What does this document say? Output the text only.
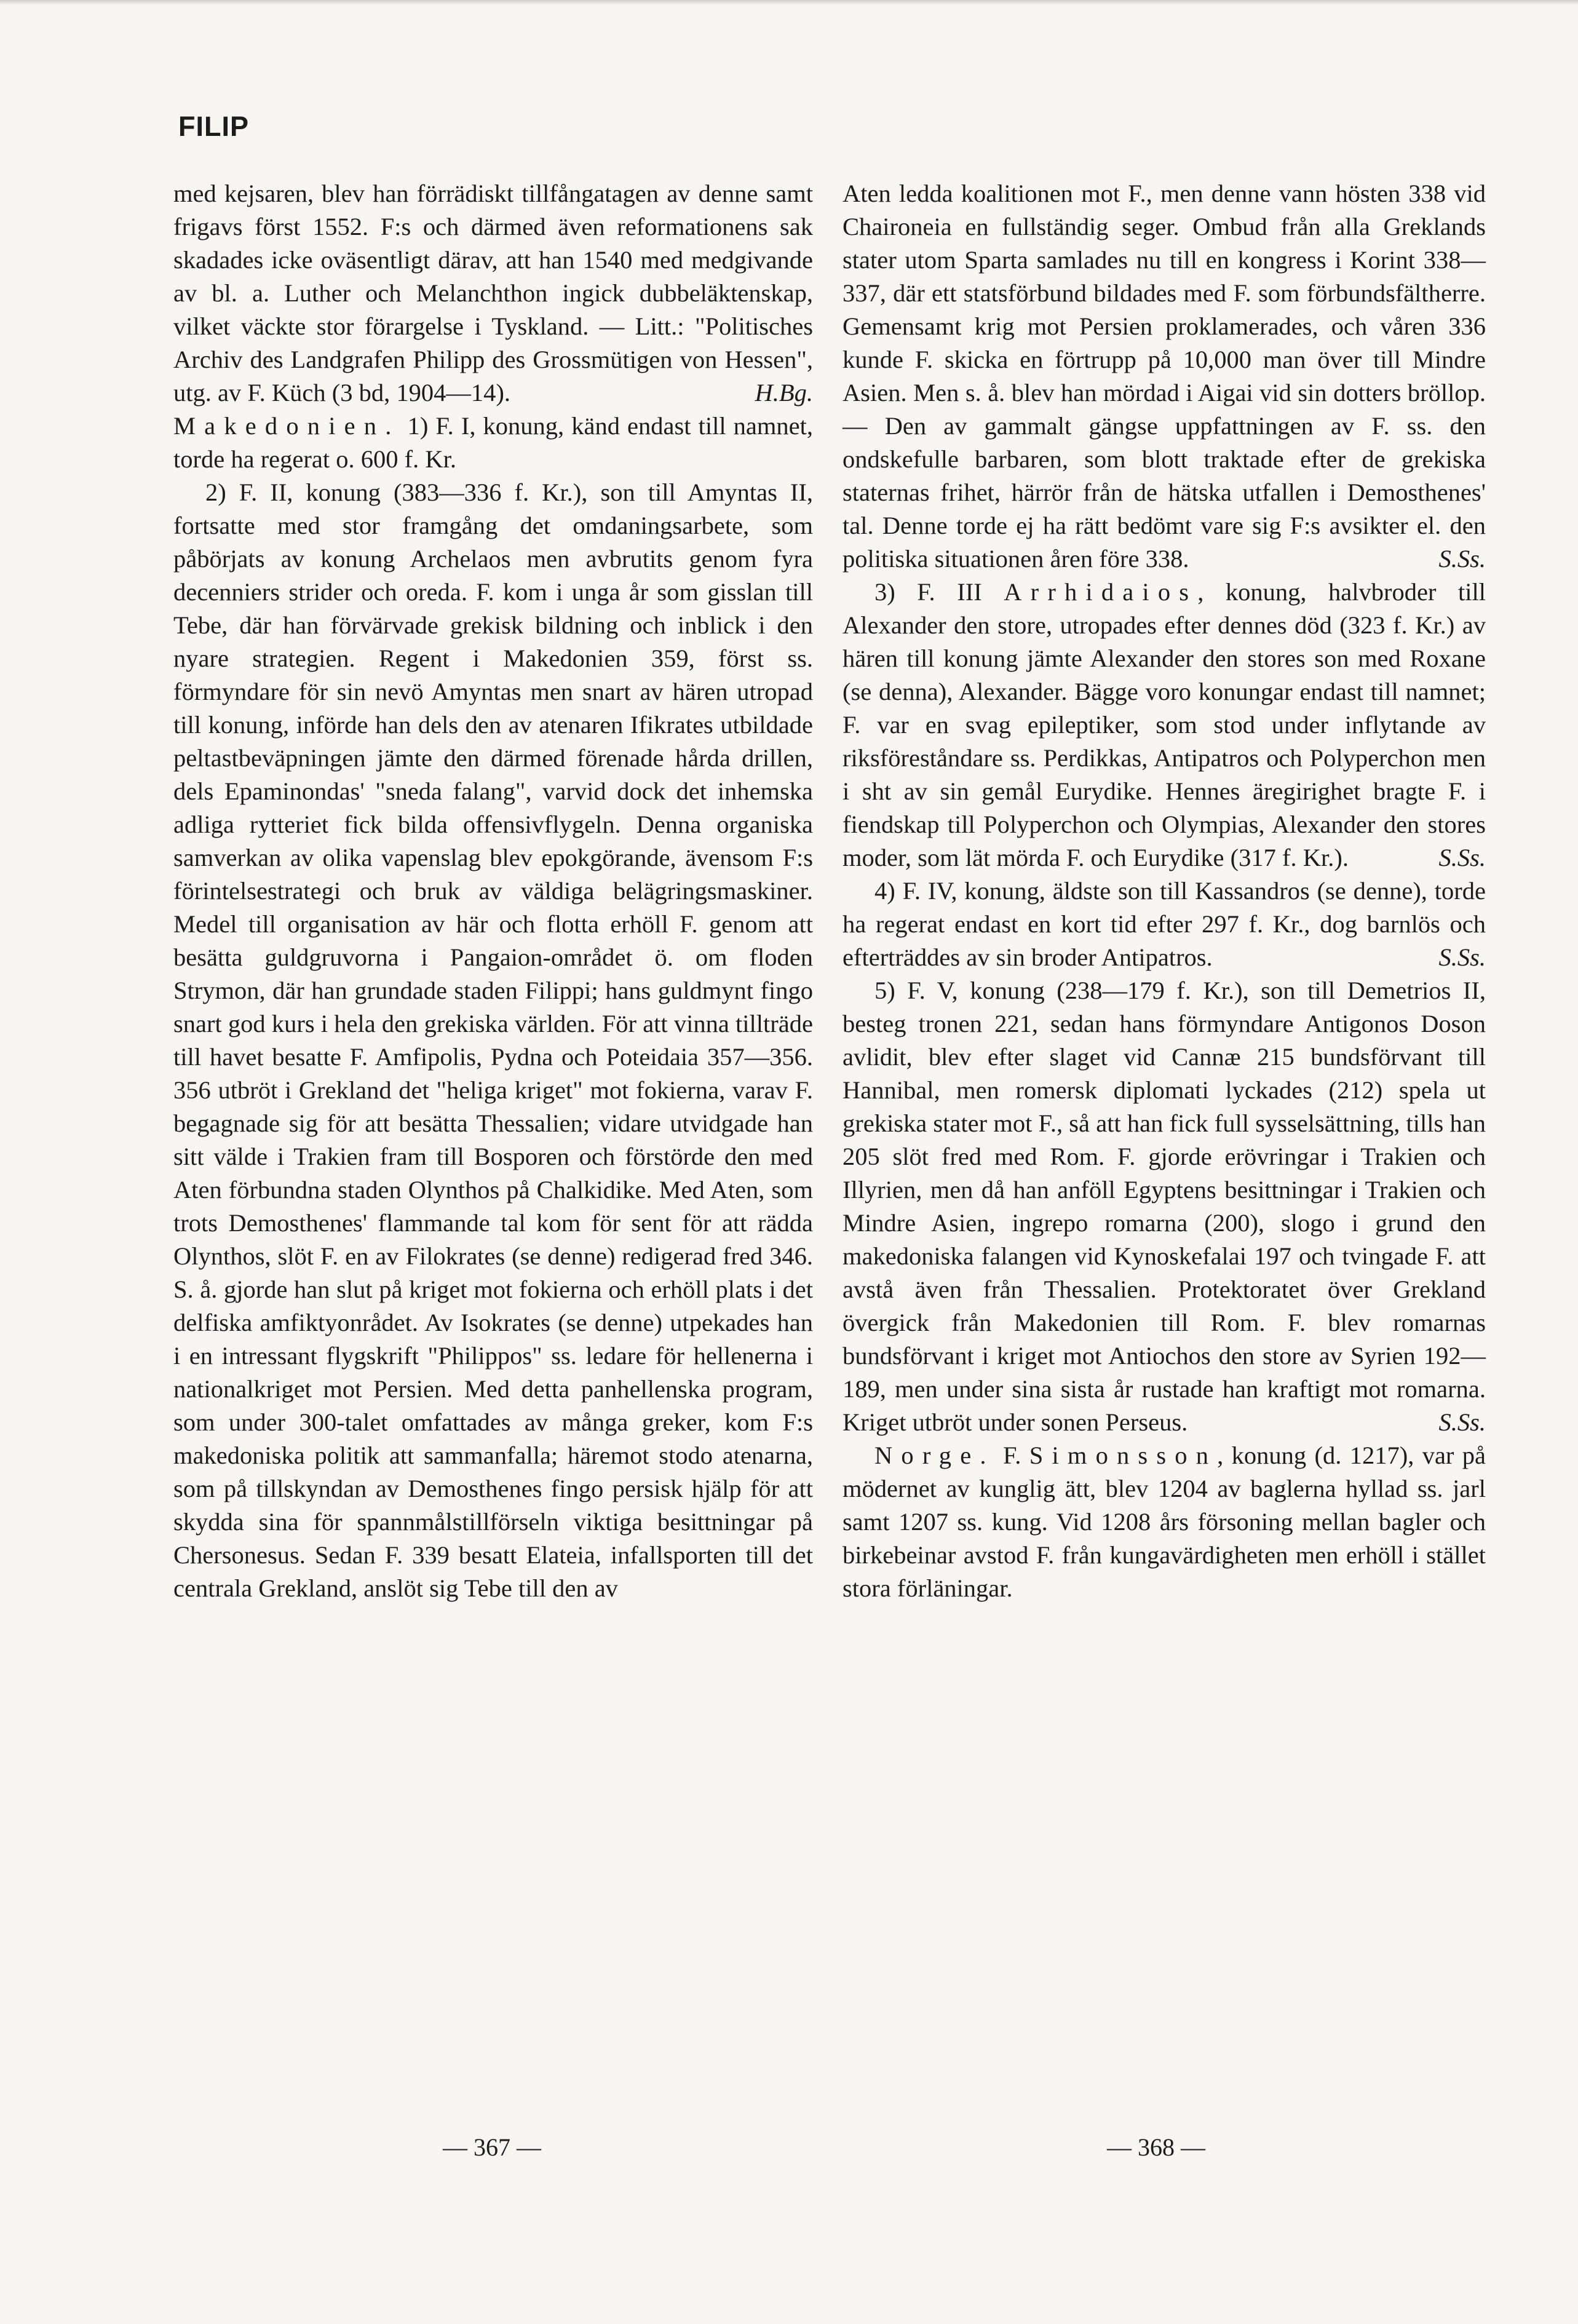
FILIP

med kejsaren, blev han förrädiskt tillfångatagen av denne samt frigavs först 1552. F:s och därmed även reformationens sak skadades icke oväsentligt därav, att han 1540 med medgivande av bl. a. Luther och Melanchthon ingick dubbeläktenskap, vilket väckte stor förargelse i Tyskland. — Litt.: "Politisches Archiv des Landgrafen Philipp des Grossmütigen von Hessen", utg. av F. Küch (3 bd, 1904—14).	H.Bg.

Makedonien. 1) F. I, konung, känd endast till namnet, torde ha regerat o. 600 f. Kr.

2) F. II, konung (383—336 f. Kr.), son till Amyntas II, fortsatte med stor framgång det omdaningsarbete, som påbörjats av konung Archelaos men avbrutits genom fyra decenniers strider och oreda. F. kom i unga år som gisslan till Tebe, där han förvärvade grekisk bildning och inblick i den nyare strategien. Regent i Makedonien 359, först ss. förmyndare för sin nevö Amyntas men snart av hären utropad till konung, införde han dels den av atenaren Ifikrates utbildade peltastbeväpningen jämte den därmed förenade hårda drillen, dels Epaminondas' "sneda falang", varvid dock det inhemska adliga rytteriet fick bilda offensivflygeln. Denna organiska samverkan av olika vapenslag blev epokgörande, ävensom F:s förintelsestrategi och bruk av väldiga belägringsmaskiner. Medel till organisation av här och flotta erhöll F. genom att besätta guldgruvorna i Pangaion-området ö. om floden Strymon, där han grundade staden Filippi; hans guldmynt fingo snart god kurs i hela den grekiska världen. För att vinna tillträde till havet besatte F. Amfipolis, Pydna och Poteidaia 357—356. 356 utbröt i Grekland det "heliga kriget" mot fokierna, varav F. begagnade sig för att besätta Thessalien; vidare utvidgade han sitt välde i Trakien fram till Bosporen och förstörde den med Aten förbundna staden Olynthos på Chalkidike. Med Aten, som trots Demosthenes' flammande tal kom för sent för att rädda Olynthos, slöt F. en av Filokrates (se denne) redigerad fred 346. S. å. gjorde han slut på kriget mot fokierna och erhöll plats i det delfiska amfiktyonrådet. Av Isokrates (se denne) utpekades han i en intressant flygskrift "Philippos" ss. ledare för hellenerna i nationalkriget mot Persien. Med detta panhellenska program, som under 300-talet omfattades av många greker, kom F:s makedoniska politik att sammanfalla; häremot stodo atenarna, som på tillskyndan av Demosthenes fingo persisk hjälp för att skydda sina för spannmålstillförseln viktiga besittningar på Chersonesus. Sedan F. 339 besatt Elateia, infallsporten till det centrala Grekland, anslöt sig Tebe till den av

Aten ledda koalitionen mot F., men denne vann hösten 338 vid Chaironeia en fullständig seger. Ombud från alla Greklands stater utom Sparta samlades nu till en kongress i Korint 338—337, där ett statsförbund bildades med F. som förbundsfältherre. Gemensamt krig mot Persien proklamerades, och våren 336 kunde F. skicka en förtrupp på 10,000 man över till Mindre Asien. Men s. å. blev han mördad i Aigai vid sin dotters bröllop. — Den av gammalt gängse uppfattningen av F. ss. den ondskefulle barbaren, som blott traktade efter de grekiska staternas frihet, härrör från de hätska utfallen i Demosthenes' tal. Denne torde ej ha rätt bedömt vare sig F:s avsikter el. den politiska situationen åren före 338.	S.Ss.

3) F. III Arrhidaios, konung, halvbroder till Alexander den store, utropades efter dennes död (323 f. Kr.) av hären till konung jämte Alexander den stores son med Roxane (se denna), Alexander. Bägge voro konungar endast till namnet; F. var en svag epileptiker, som stod under inflytande av riksföreståndare ss. Perdikkas, Antipatros och Polyperchon men i sht av sin gemål Eurydike. Hennes äregirighet bragte F. i fiendskap till Polyperchon och Olympias, Alexander den stores moder, som lät mörda F. och Eurydike (317 f. Kr.).	S.Ss.

4) F. IV, konung, äldste son till Kassandros (se denne), torde ha regerat endast en kort tid efter 297 f. Kr., dog barnlös och efterträddes av sin broder Antipatros.	S.Ss.

5) F. V, konung (238—179 f. Kr.), son till Demetrios II, besteg tronen 221, sedan hans förmyndare Antigonos Doson avlidit, blev efter slaget vid Cannæ 215 bundsförvant till Hannibal, men romersk diplomati lyckades (212) spela ut grekiska stater mot F., så att han fick full sysselsättning, tills han 205 slöt fred med Rom. F. gjorde erövringar i Trakien och Illyrien, men då han anföll Egyptens besittningar i Trakien och Mindre Asien, ingrepo romarna (200), slogo i grund den makedoniska falangen vid Kynoskefalai 197 och tvingade F. att avstå även från Thessalien. Protektoratet över Grekland övergick från Makedonien till Rom. F. blev romarnas bundsförvant i kriget mot Antiochos den store av Syrien 192—189, men under sina sista år rustade han kraftigt mot romarna. Kriget utbröt under sonen Perseus.	S.Ss.

Norge. F. Simonsson, konung (d. 1217), var på mödernet av kunglig ätt, blev 1204 av baglerna hyllad ss. jarl samt 1207 ss. kung. Vid 1208 års försoning mellan bagler och birkebeinar avstod F. från kungavärdigheten men erhöll i stället stora förläningar.

— 367 —	— 368 —
